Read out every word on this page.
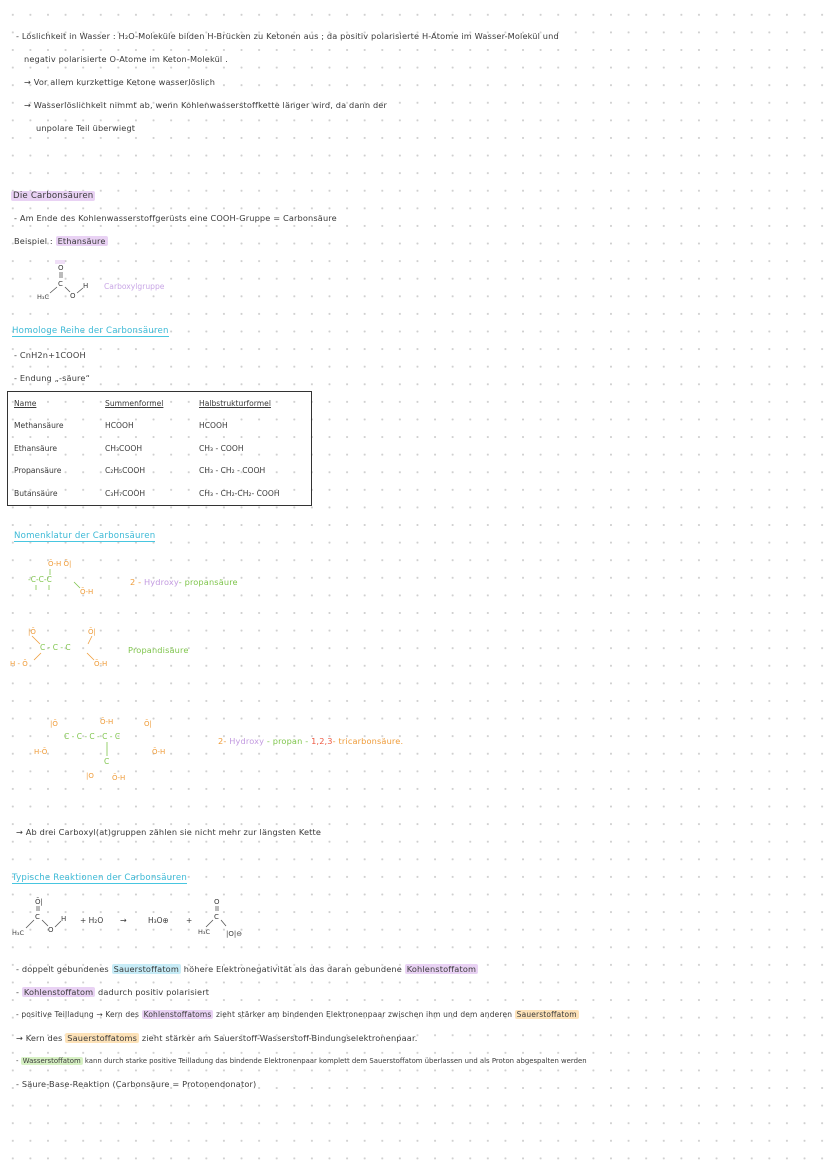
- Löslichkeit in Wasser : H₂O-Moleküle bilden H-Brücken zu Ketonen aus ; da positiv polarisierte H-Atome im Wasser-Molekül und
negativ polarisierte O-Atome im Keton-Molekül .
→ Vor allem kurzkettige Ketone wasserlöslich
→ Wasserlöslichkeit nimmt ab, wenn Kohlenwasserstoffkette länger wird, da dann der
unpolare Teil überwiegt
Die Carbonsäuren
- Am Ende des Kohlenwasserstoffgerüsts eine COOH-Gruppe = Carbonsäure
Beispiel : Ethansäure
O
C
H₃C	O
H Carboxylgruppe
Homologe Reihe der Carbonsäuren
- CnH2n+1COOH
- Endung „-säure“
Name	Summenformel	Halbstrukturformel
Methansäure	HCOOH	HCOOH
Ethansäure	CH₃COOH	CH₃ - COOH
Propansäure	C₂H₅COOH	CH₃ - CH₂ - COOH
Butansäure	C₃H₇COOH	CH₃ - CH₂-CH₂- COOH
Nomenklatur der Carbonsäuren
Ō-H Ō|
-C-C-C
Ō-H
2 - Hydroxy- propansäure
|Ō	Ō|
C - C - C
H - Ō	Ō-H
Propandisäure
|Ō	Ō-H	Ō|
C - C - C - C - C
H-Ō	Ō-H
C
|O	Ō-H
2- Hydroxy - propan - 1,2,3- tricarbonsäure.
→ Ab drei Carboxyl(at)gruppen zählen sie nicht mehr zur längsten Kette
Typische Reaktionen der Carbonsäuren
Ō|
C
H₃C	O
H + H₂O →	H₃O⊕ +
O
C
H₃C |O|⊖
- doppelt gebundenes Sauerstoffatom höhere Elektronegativität als das daran gebundene Kohlenstoffatom
- Kohlenstoffatom dadurch positiv polarisiert
- positive Teilladung → Kern des Kohlenstoffatoms zieht stärker am bindenden Elektronenpaar zwischen ihm und dem anderen Sauerstoffatom
→ Kern des Sauerstoffatoms zieht stärker am Sauerstoff-Wasserstoff-Bindungselektronenpaar.
- Wasserstoffatom kann durch starke positive Teilladung das bindende Elektronenpaar komplett dem Sauerstoffatom überlassen und als Proton abgespalten werden
- Säure-Base-Reaktion (Carbonsäure = Protonendonator)
